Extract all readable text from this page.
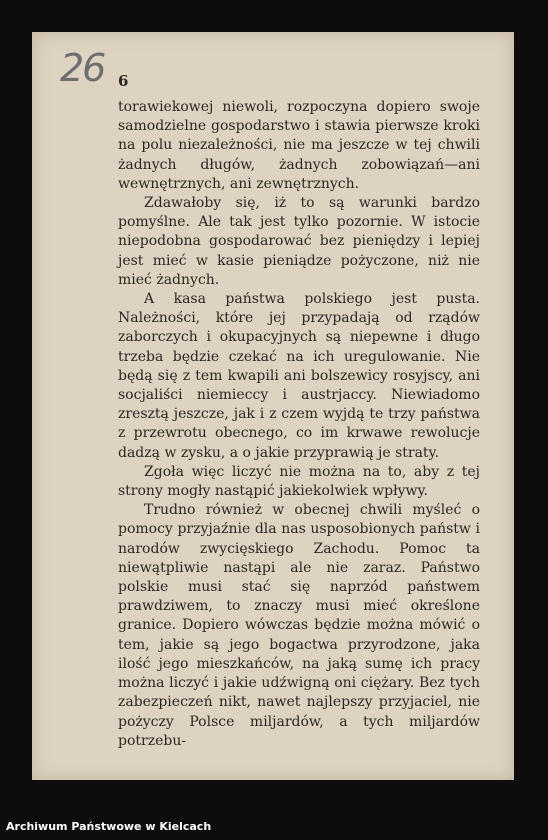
26 6

torawiekowej niewoli, rozpoczyna dopiero swoje samodzielne gospodarstwo i stawia pierwsze kroki na polu niezależności, nie ma jeszcze w tej chwili żadnych długów, żadnych zobowiązań—ani wewnętrznych, ani zewnętrznych.

Zdawałoby się, iż to są warunki bardzo pomyślne. Ale tak jest tylko pozornie. W istocie niepodobna gospodarować bez pieniędzy i lepiej jest mieć w kasie pieniądze pożyczone, niż nie mieć żadnych.

A kasa państwa polskiego jest pusta. Należności, które jej przypadają od rządów zaborczych i okupacyjnych są niepewne i długo trzeba będzie czekać na ich uregulowanie. Nie będą się z tem kwapili ani bolszewicy rosyjscy, ani socjaliści niemieccy i austrjaccy. Niewiadomo zresztą jeszcze, jak i z czem wyjdą te trzy państwa z przewrotu obecnego, co im krwawe rewolucje dadzą w zysku, a o jakie przyprawią je straty.

Zgoła więc liczyć nie można na to, aby z tej strony mogły nastąpić jakiekolwiek wpływy.

Trudno również w obecnej chwili myśleć o pomocy przyjaźnie dla nas usposobionych państw i narodów zwycięskiego Zachodu. Pomoc ta niewątpliwie nastąpi ale nie zaraz. Państwo polskie musi stać się naprzód państwem prawdziwem, to znaczy musi mieć określone granice. Dopiero wówczas będzie można mówić o tem, jakie są jego bogactwa przyrodzone, jaka ilość jego mieszkańców, na jaką sumę ich pracy można liczyć i jakie udźwigną oni ciężary. Bez tych zabezpieczeń nikt, nawet najlepszy przyjaciel, nie pożyczy Polsce miljardów, a tych miljardów potrzebu-

Archiwum Państwowe w Kielcach
